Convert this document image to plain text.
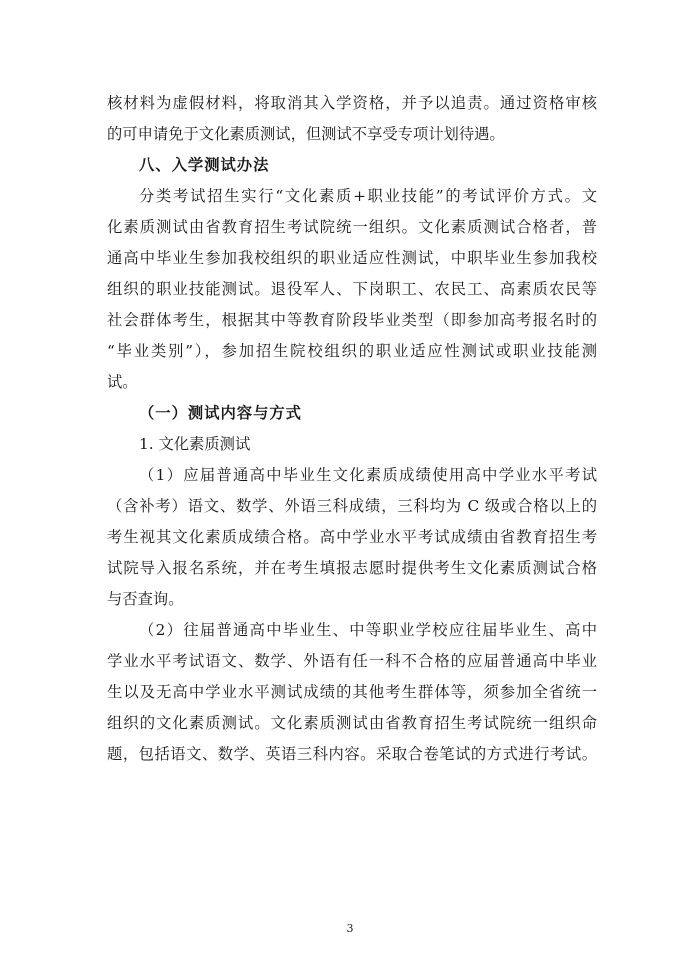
核材料为虚假材料，将取消其入学资格，并予以追责。通过资格审核
的可申请免于文化素质测试，但测试不享受专项计划待遇。
八、入学测试办法
分类考试招生实行“文化素质+职业技能”的考试评价方式。文
化素质测试由省教育招生考试院统一组织。文化素质测试合格者，普
通高中毕业生参加我校组织的职业适应性测试，中职毕业生参加我校
组织的职业技能测试。退役军人、下岗职工、农民工、高素质农民等
社会群体考生，根据其中等教育阶段毕业类型（即参加高考报名时的
“毕业类别”），参加招生院校组织的职业适应性测试或职业技能测
试。
（一）测试内容与方式
1. 文化素质测试
（1）应届普通高中毕业生文化素质成绩使用高中学业水平考试
（含补考）语文、数学、外语三科成绩，三科均为 C 级或合格以上的
考生视其文化素质成绩合格。高中学业水平考试成绩由省教育招生考
试院导入报名系统，并在考生填报志愿时提供考生文化素质测试合格
与否查询。
（2）往届普通高中毕业生、中等职业学校应往届毕业生、高中
学业水平考试语文、数学、外语有任一科不合格的应届普通高中毕业
生以及无高中学业水平测试成绩的其他考生群体等，须参加全省统一
组织的文化素质测试。文化素质测试由省教育招生考试院统一组织命
题，包括语文、数学、英语三科内容。采取合卷笔试的方式进行考试。
3
